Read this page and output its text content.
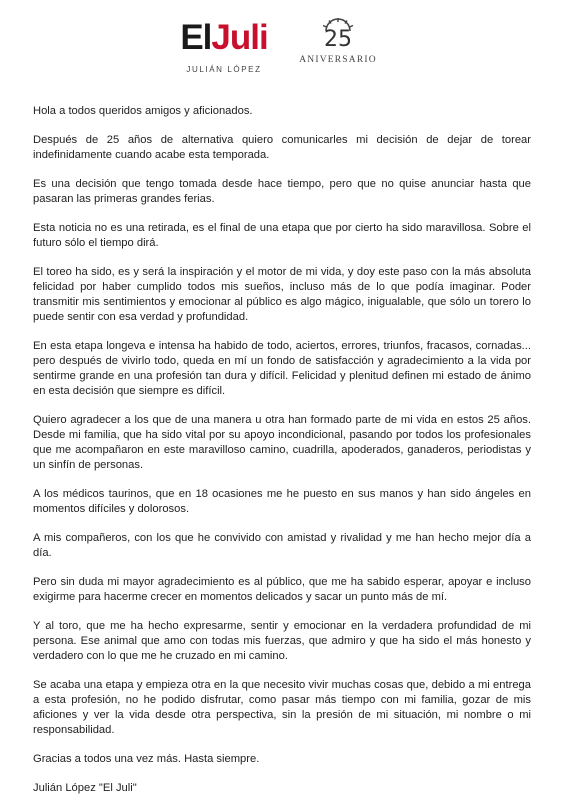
ElJuli
JULIÁN LÓPEZ
25
ANIVERSARIO

Hola a todos queridos amigos y aficionados.

Después de 25 años de alternativa quiero comunicarles mi decisión de dejar de torear indefinidamente cuando acabe esta temporada.

Es una decisión que tengo tomada desde hace tiempo, pero que no quise anunciar hasta que pasaran las primeras grandes ferias.

Esta noticia no es una retirada, es el final de una etapa que por cierto ha sido maravillosa. Sobre el futuro sólo el tiempo dirá.

El toreo ha sido, es y será la inspiración y el motor de mi vida, y doy este paso con la más absoluta felicidad por haber cumplido todos mis sueños, incluso más de lo que podía imaginar. Poder transmitir mis sentimientos y emocionar al público es algo mágico, inigualable, que sólo un torero lo puede sentir con esa verdad y profundidad.

En esta etapa longeva e intensa ha habido de todo, aciertos, errores, triunfos, fracasos, cornadas... pero después de vivirlo todo, queda en mí un fondo de satisfacción y agradecimiento a la vida por sentirme grande en una profesión tan dura y difícil. Felicidad y plenitud definen mi estado de ánimo en esta decisión que siempre es difícil.

Quiero agradecer a los que de una manera u otra han formado parte de mi vida en estos 25 años. Desde mi familia, que ha sido vital por su apoyo incondicional, pasando por todos los profesionales que me acompañaron en este maravilloso camino, cuadrilla, apoderados, ganaderos, periodistas y un sinfín de personas.

A los médicos taurinos, que en 18 ocasiones me he puesto en sus manos y han sido ángeles en momentos difíciles y dolorosos.

A mis compañeros, con los que he convivido con amistad y rivalidad y me han hecho mejor día a día.

Pero sin duda mi mayor agradecimiento es al público, que me ha sabido esperar, apoyar e incluso exigirme para hacerme crecer en momentos delicados y sacar un punto más de mí.

Y al toro, que me ha hecho expresarme, sentir y emocionar en la verdadera profundidad de mi persona. Ese animal que amo con todas mis fuerzas, que admiro y que ha sido el más honesto y verdadero con lo que me he cruzado en mi camino.

Se acaba una etapa y empieza otra en la que necesito vivir muchas cosas que, debido a mi entrega a esta profesión, no he podido disfrutar, como pasar más tiempo con mi familia, gozar de mis aficiones y ver la vida desde otra perspectiva, sin la presión de mi situación, mi nombre o mi responsabilidad.

Gracias a todos una vez más. Hasta siempre.

Julián López "El Juli"
